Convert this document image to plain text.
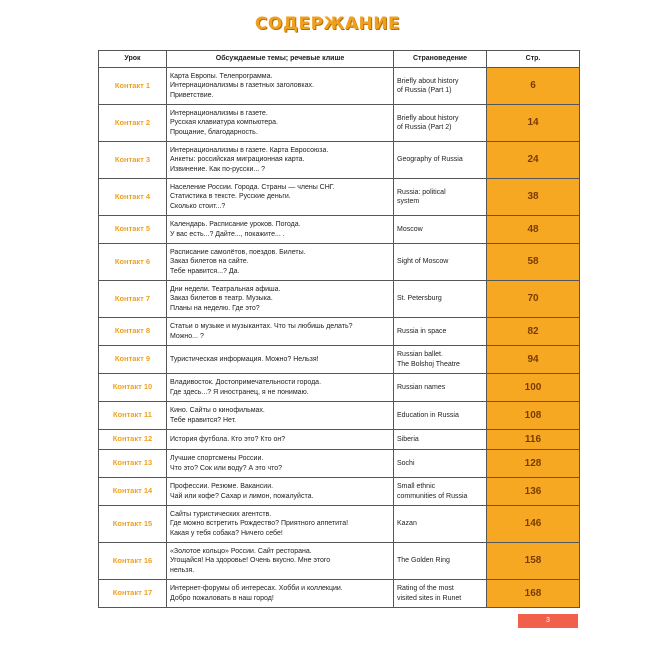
СОДЕРЖАНИЕ
Урок	Обсуждаемые темы; речевые клише	Страноведение	Стр.
Контакт 1	Карта Европы. Телепрограмма.
Интернационализмы в газетных заголовках.
Приветствие.	Briefly about history
of Russia (Part 1)	6
Контакт 2	Интернационализмы в газете.
Русская клавиатура компьютера.
Прощание, благодарность.	Briefly about history
of Russia (Part 2)	14
Контакт 3	Интернационализмы в газете. Карта Евросоюза.
Анкеты: российская миграционная карта.
Извинение. Как по-русски... ?	Geography of Russia	24
Контакт 4	Население России. Города. Страны — члены СНГ.
Статистика в тексте. Русские деньги.
Сколько стоит...?	Russia: political
system	38
Контакт 5	Календарь. Расписание уроков. Погода.
У вас есть...? Дайте..., покажите... .	Moscow	48
Контакт 6	Расписание самолётов, поездов. Билеты.
Заказ билетов на сайте.
Тебе нравится...? Да.	Sight of Moscow	58
Контакт 7	Дни недели. Театральная афиша.
Заказ билетов в театр. Музыка.
Планы на неделю. Где это?	St. Petersburg	70
Контакт 8	Статьи о музыке и музыкантах. Что ты любишь делать?
Можно... ?	Russia in space	82
Контакт 9	Туристическая информация. Можно? Нельзя!	Russian ballet.
The Bolshoj Theatre	94
Контакт 10	Владивосток. Достопримечательности города.
Где здесь...? Я иностранец, я не понимаю.	Russian names	100
Контакт 11	Кино. Сайты о кинофильмах.
Тебе нравится? Нет.	Education in Russia	108
Контакт 12	История футбола. Кто это? Кто он?	Siberia	116
Контакт 13	Лучшие спортсмены России.
Что это? Сок или воду? А это что?	Sochi	128
Контакт 14	Профессии. Резюме. Вакансии.
Чай или кофе? Сахар и лимон, пожалуйста.	Small ethnic
communities of Russia	136
Контакт 15	Сайты туристических агентств.
Где можно встретить Рождество? Приятного аппетита!
Какая у тебя собака? Ничего себе!	Kazan	146
Контакт 16	«Золотое кольцо» России. Сайт ресторана.
Угощайся! На здоровье! Очень вкусно. Мне этого
нельзя.	The Golden Ring	158
Контакт 17	Интернет-форумы об интересах. Хобби и коллекции.
Добро пожаловать в наш город!	Rating of the most
visited sites in Runet	168
3
